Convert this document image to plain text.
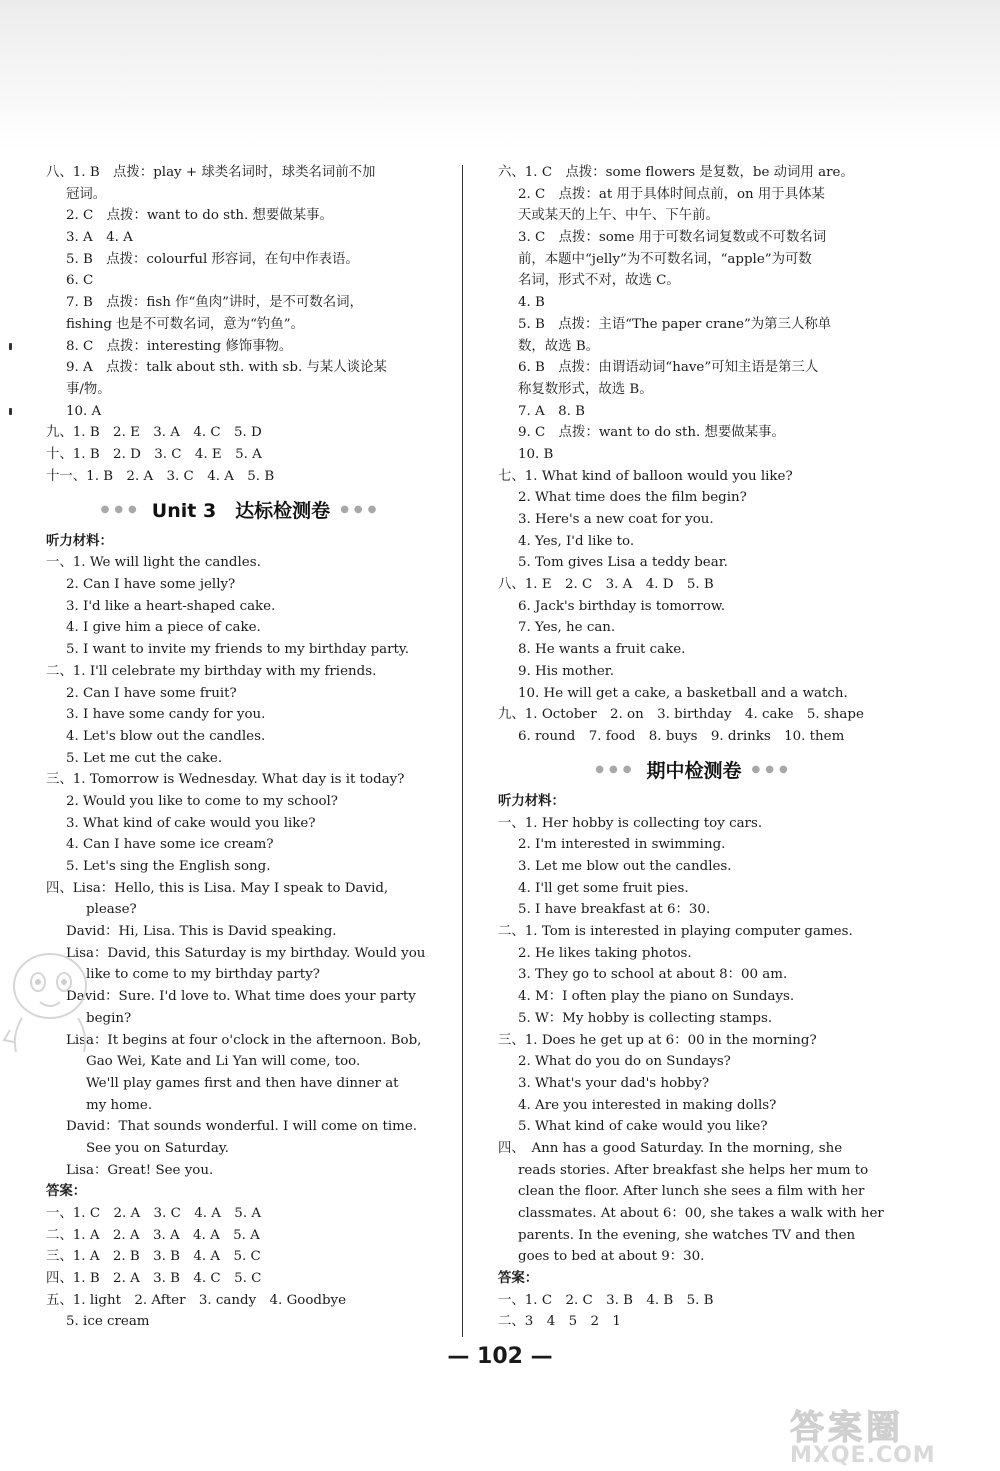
八、1. B　点拨：play + 球类名词时，球类名词前不加
冠词。
2. C　点拨：want to do sth. 想要做某事。
3. A　4. A
5. B　点拨：colourful 形容词，在句中作表语。
6. C
7. B　点拨：fish 作“鱼肉”讲时，是不可数名词，
fishing 也是不可数名词，意为“钓鱼”。
8. C　点拨：interesting 修饰事物。
9. A　点拨：talk about sth. with sb. 与某人谈论某
事/物。
10. A
九、1. B　2. E　3. A　4. C　5. D
十、1. B　2. D　3. C　4. E　5. A
十一、1. B　2. A　3. C　4. A　5. B
●●● Unit 3　达标检测卷 ●●●
听力材料：
一、1. We will light the candles.
2. Can I have some jelly?
3. I'd like a heart-shaped cake.
4. I give him a piece of cake.
5. I want to invite my friends to my birthday party.
二、1. I'll celebrate my birthday with my friends.
2. Can I have some fruit?
3. I have some candy for you.
4. Let's blow out the candles.
5. Let me cut the cake.
三、1. Tomorrow is Wednesday. What day is it today?
2. Would you like to come to my school?
3. What kind of cake would you like?
4. Can I have some ice cream?
5. Let's sing the English song.
四、Lisa：Hello, this is Lisa. May I speak to David,
please?
David：Hi, Lisa. This is David speaking.
Lisa：David, this Saturday is my birthday. Would you
like to come to my birthday party?
David：Sure. I'd love to. What time does your party
begin?
Lisa：It begins at four o'clock in the afternoon. Bob,
Gao Wei, Kate and Li Yan will come, too.
We'll play games first and then have dinner at
my home.
David：That sounds wonderful. I will come on time.
See you on Saturday.
Lisa：Great! See you.
答案：
一、1. C　2. A　3. C　4. A　5. A
二、1. A　2. A　3. A　4. A　5. A
三、1. A　2. B　3. B　4. A　5. C
四、1. B　2. A　3. B　4. C　5. C
五、1. light　2. After　3. candy　4. Goodbye
5. ice cream
六、1. C　点拨：some flowers 是复数，be 动词用 are。
2. C　点拨：at 用于具体时间点前，on 用于具体某
天或某天的上午、中午、下午前。
3. C　点拨：some 用于可数名词复数或不可数名词
前，本题中“jelly”为不可数名词，“apple”为可数
名词，形式不对，故选 C。
4. B
5. B　点拨：主语“The paper crane”为第三人称单
数，故选 B。
6. B　点拨：由谓语动词“have”可知主语是第三人
称复数形式，故选 B。
7. A　8. B
9. C　点拨：want to do sth. 想要做某事。
10. B
七、1. What kind of balloon would you like?
2. What time does the film begin?
3. Here's a new coat for you.
4. Yes, I'd like to.
5. Tom gives Lisa a teddy bear.
八、1. E　2. C　3. A　4. D　5. B
6. Jack's birthday is tomorrow.
7. Yes, he can.
8. He wants a fruit cake.
9. His mother.
10. He will get a cake, a basketball and a watch.
九、1. October　2. on　3. birthday　4. cake　5. shape
6. round　7. food　8. buys　9. drinks　10. them
●●● 期中检测卷 ●●●
听力材料：
一、1. Her hobby is collecting toy cars.
2. I'm interested in swimming.
3. Let me blow out the candles.
4. I'll get some fruit pies.
5. I have breakfast at 6：30.
二、1. Tom is interested in playing computer games.
2. He likes taking photos.
3. They go to school at about 8：00 am.
4. M：I often play the piano on Sundays.
5. W：My hobby is collecting stamps.
三、1. Does he get up at 6：00 in the morning?
2. What do you do on Sundays?
3. What's your dad's hobby?
4. Are you interested in making dolls?
5. What kind of cake would you like?
四、　Ann has a good Saturday. In the morning, she
reads stories. After breakfast she helps her mum to
clean the floor. After lunch she sees a film with her
classmates. At about 6：00, she takes a walk with her
parents. In the evening, she watches TV and then
goes to bed at about 9：30.
答案：
一、1. C　2. C　3. B　4. B　5. B
二、3　4　5　2　1
— 102 —
答案圈
MXQE.COM
